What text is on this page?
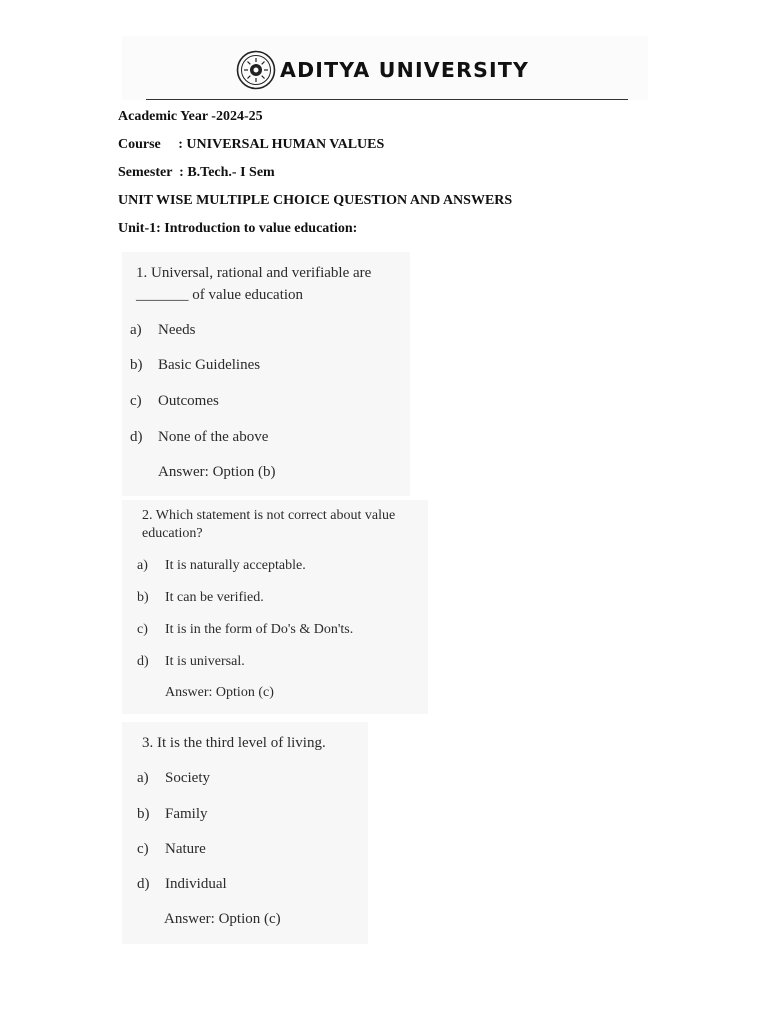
ADITYA UNIVERSITY
Academic Year -2024-25
Course     : UNIVERSAL HUMAN VALUES
Semester  : B.Tech.- I Sem
UNIT WISE MULTIPLE CHOICE QUESTION AND ANSWERS
Unit-1: Introduction to value education:
1. Universal, rational and verifiable are
_______ of value education
a)	Needs
b)	Basic Guidelines
c)	Outcomes
d)	None of the above
Answer: Option (b)
2. Which statement is not correct about value
education?
a)	It is naturally acceptable.
b)	It can be verified.
c)	It is in the form of Do's & Don'ts.
d)	It is universal.
Answer: Option (c)
3. It is the third level of living.
a)	Society
b)	Family
c)	Nature
d)	Individual
Answer: Option (c)
